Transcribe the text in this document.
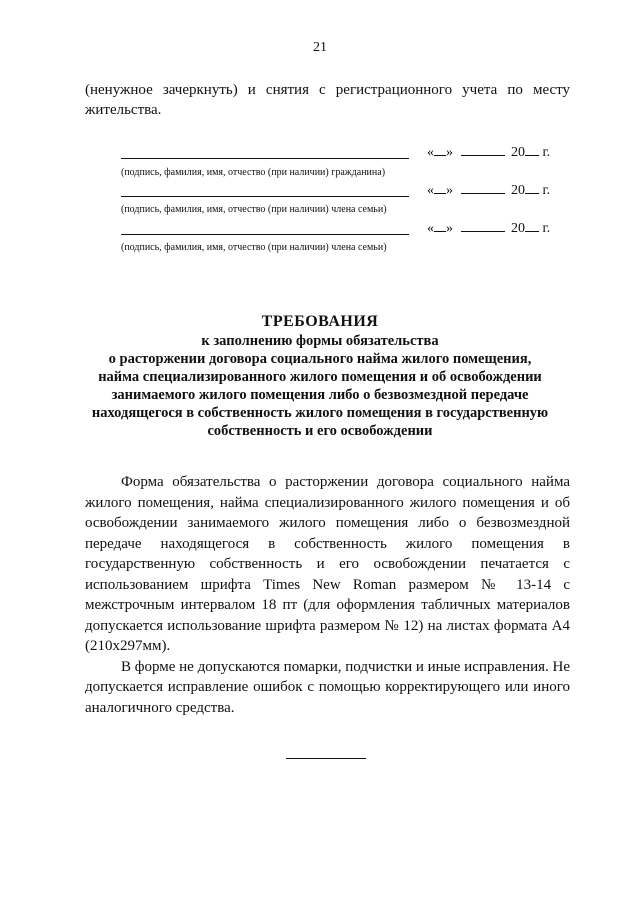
21
(ненужное зачеркнуть) и снятия с регистрационного учета по месту жительства.
« »	20 г.
(подпись, фамилия, имя, отчество (при наличии) гражданина)
« »	20 г.
(подпись, фамилия, имя, отчество (при наличии) члена семьи)
« »	20 г.
(подпись, фамилия, имя, отчество (при наличии) члена семьи)
ТРЕБОВАНИЯ
к заполнению формы обязательства
о расторжении договора социального найма жилого помещения,
найма специализированного жилого помещения и об освобождении
занимаемого жилого помещения либо о безвозмездной передаче
находящегося в собственность жилого помещения в государственную
собственность и его освобождении

Форма обязательства о расторжении договора социального найма жилого помещения, найма специализированного жилого помещения и об освобождении занимаемого жилого помещения либо о безвозмездной передаче находящегося в собственность жилого помещения в государственную собственность и его освобождении печатается с использованием шрифта Times New Roman размером № 13-14 с межстрочным интервалом 18 пт (для оформления табличных материалов допускается использование шрифта размером № 12) на листах формата А4 (210х297мм).

В форме не допускаются помарки, подчистки и иные исправления. Не допускается исправление ошибок с помощью корректирующего или иного аналогичного средства.
